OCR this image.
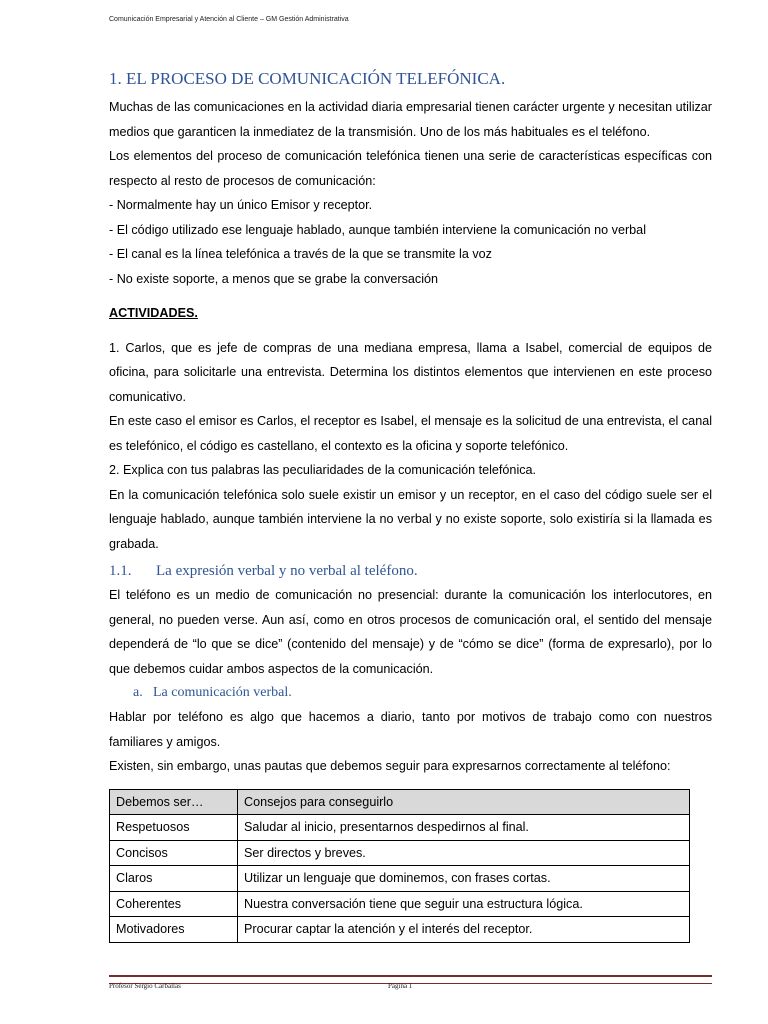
Comunicación Empresarial y Atención al Cliente – GM Gestión Administrativa
1. EL PROCESO DE COMUNICACIÓN TELEFÓNICA.

Muchas de las comunicaciones en la actividad diaria empresarial tienen carácter urgente y necesitan utilizar medios que garanticen la inmediatez de la transmisión. Uno de los más habituales es el teléfono.

Los elementos del proceso de comunicación telefónica tienen una serie de características específicas con respecto al resto de procesos de comunicación:

- Normalmente hay un único Emisor y receptor.

- El código utilizado ese lenguaje hablado, aunque también interviene la comunicación no verbal

- El canal es la línea telefónica a través de la que se transmite la voz

- No existe soporte, a menos que se grabe la conversación

ACTIVIDADES.

1. Carlos, que es jefe de compras de una mediana empresa, llama a Isabel, comercial de equipos de oficina, para solicitarle una entrevista. Determina los distintos elementos que intervienen en este proceso comunicativo.

En este caso el emisor es Carlos, el receptor es Isabel, el mensaje es la solicitud de una entrevista, el canal es telefónico, el código es castellano, el contexto es la oficina y soporte telefónico.

2. Explica con tus palabras las peculiaridades de la comunicación telefónica.

En la comunicación telefónica solo suele existir un emisor y un receptor, en el caso del código suele ser el lenguaje hablado, aunque también interviene la no verbal y no existe soporte, solo existiría si la llamada es grabada.

1.1. La expresión verbal y no verbal al teléfono.

El teléfono es un medio de comunicación no presencial: durante la comunicación los interlocutores, en general, no pueden verse. Aun así, como en otros procesos de comunicación oral, el sentido del mensaje dependerá de “lo que se dice” (contenido del mensaje) y de “cómo se dice” (forma de expresarlo), por lo que debemos cuidar ambos aspectos de la comunicación.

a. La comunicación verbal.

Hablar por teléfono es algo que hacemos a diario, tanto por motivos de trabajo como con nuestros familiares y amigos.

Existen, sin embargo, unas pautas que debemos seguir para expresarnos correctamente al teléfono:

Debemos ser…	Consejos para conseguirlo
Respetuosos	Saludar al inicio, presentarnos despedirnos al final.
Concisos	Ser directos y breves.
Claros	Utilizar un lenguaje que dominemos, con frases cortas.
Coherentes	Nuestra conversación tiene que seguir una estructura lógica.
Motivadores	Procurar captar la atención y el interés del receptor.
Profesor Sergio Carballas	Página 1
